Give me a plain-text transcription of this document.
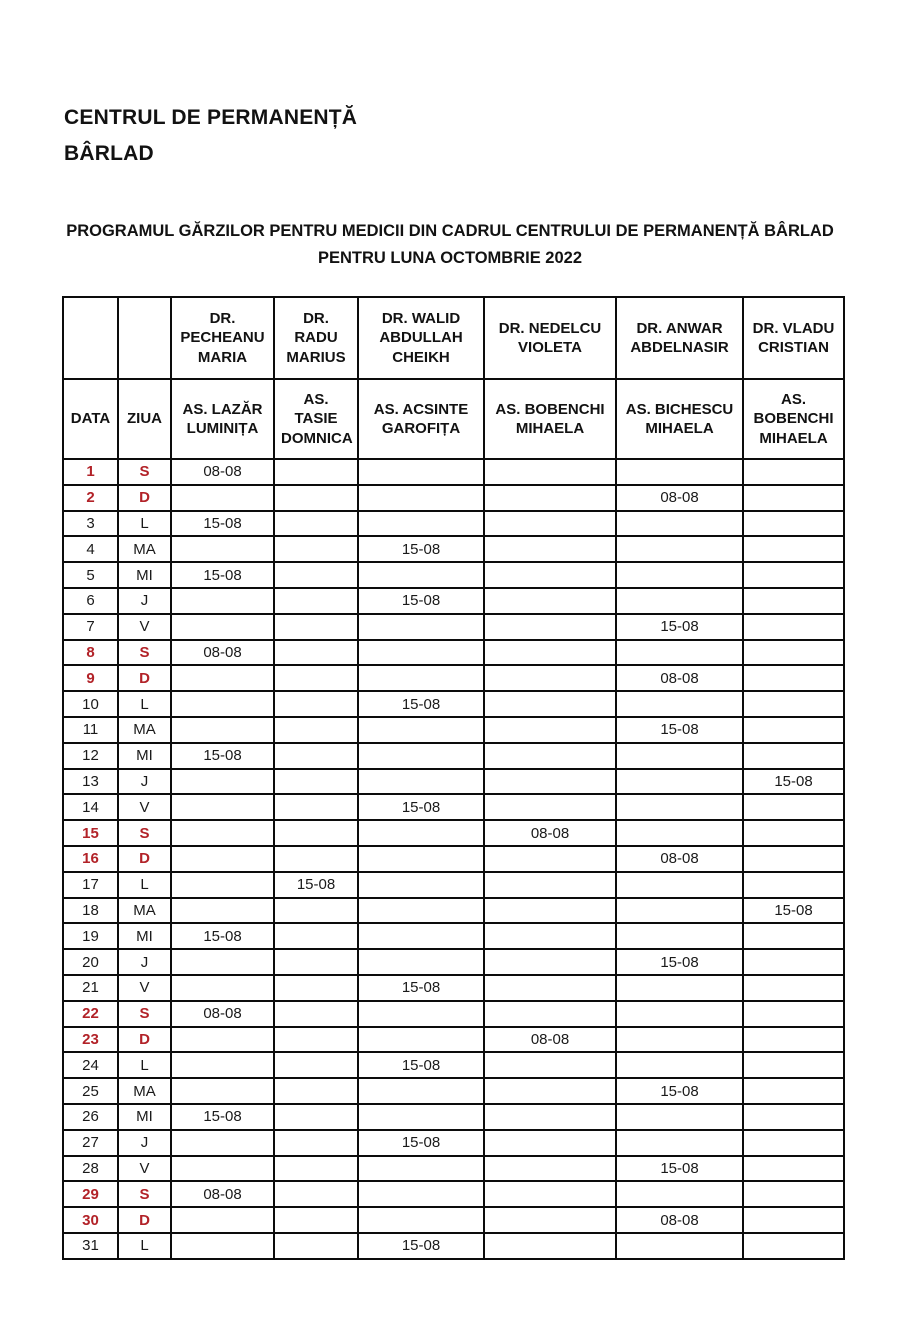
CENTRUL DE PERMANENȚĂ
BÂRLAD
PROGRAMUL GĂRZILOR PENTRU MEDICII DIN CADRUL CENTRULUI DE PERMANENȚĂ BÂRLAD
PENTRU LUNA OCTOMBRIE 2022
		DR. PECHEANU MARIA	DR. RADU MARIUS	DR. WALID ABDULLAH CHEIKH	DR. NEDELCU VIOLETA	DR. ANWAR ABDELNASIR	DR. VLADU CRISTIAN
DATA	ZIUA	AS. LAZĂR LUMINIȚA	AS. TASIE DOMNICA	AS. ACSINTE GAROFIȚA	AS. BOBENCHI MIHAELA	AS. BICHESCU MIHAELA	AS. BOBENCHI MIHAELA
1	S	08-08					
2	D					08-08	
3	L	15-08					
4	MA			15-08			
5	MI	15-08					
6	J			15-08			
7	V					15-08	
8	S	08-08					
9	D					08-08	
10	L			15-08			
11	MA					15-08	
12	MI	15-08					
13	J						15-08
14	V			15-08			
15	S				08-08		
16	D					08-08	
17	L		15-08				
18	MA						15-08
19	MI	15-08					
20	J					15-08	
21	V			15-08			
22	S	08-08					
23	D				08-08		
24	L			15-08			
25	MA					15-08	
26	MI	15-08					
27	J			15-08			
28	V					15-08	
29	S	08-08					
30	D					08-08	
31	L			15-08			
